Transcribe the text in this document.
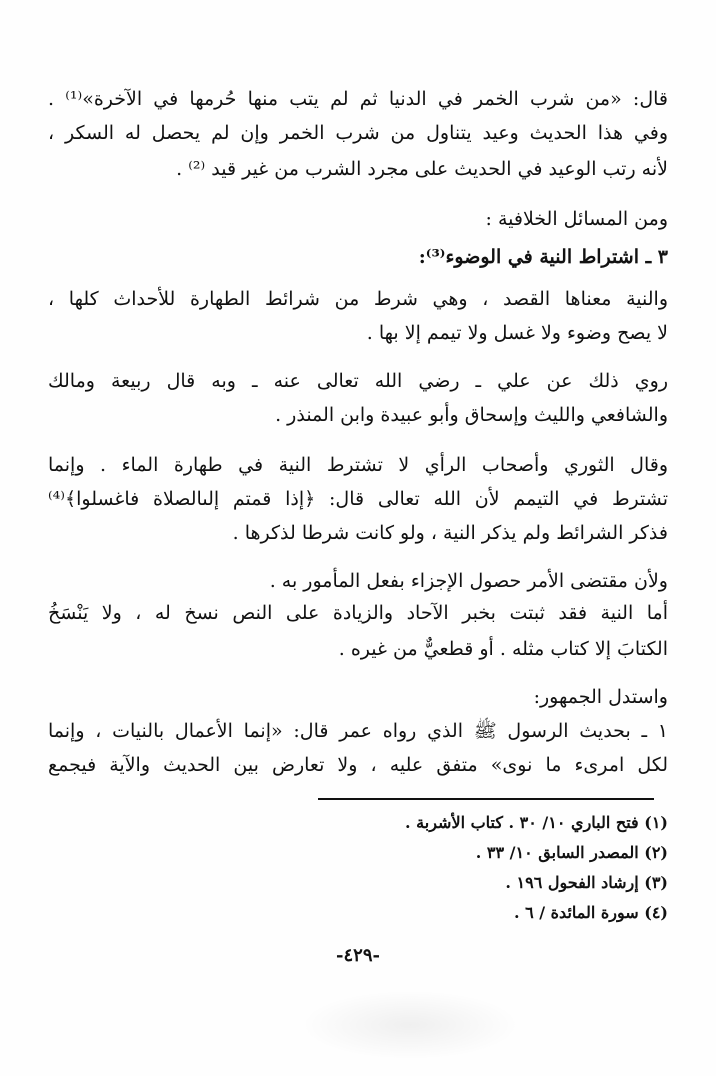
قال: «من شرب الخمر في الدنيا ثم لم يتب منها حُرمها في الآخرة»⁽¹⁾ .
وفي هذا الحديث وعيد يتناول من شرب الخمر وإن لم يحصل له السكر ،
لأنه رتب الوعيد في الحديث على مجرد الشرب من غير قيد ⁽²⁾ .
ومن المسائل الخلافية :
٣ ـ اشتراط النية في الوضوء⁽³⁾:
والنية معناها القصد ، وهي شرط من شرائط الطهارة للأحداث كلها ،
لا يصح وضوء ولا غسل ولا تيمم إلا بها .
روي ذلك عن علي ـ رضي الله تعالى عنه ـ وبه قال ربيعة ومالك
والشافعي والليث وإسحاق وأبو عبيدة وابن المنذر .
وقال الثوري وأصحاب الرأي لا تشترط النية في طهارة الماء . وإنما
تشترط في التيمم لأن الله تعالى قال: ﴿إذا قمتم إلىالصلاة فاغسلوا﴾⁽⁴⁾
فذكر الشرائط ولم يذكر النية ، ولو كانت شرطا لذكرها .
ولأن مقتضى الأمر حصول الإجزاء بفعل المأمور به .
أما النية فقد ثبتت بخبر الآحاد والزيادة على النص نسخ له ، ولا يَنْسَخُ
الكتابَ إلا كتاب مثله . أو قطعيٌّ من غيره .
واستدل الجمهور:
١ ـ بحديث الرسول ﷺ الذي رواه عمر قال: «إنما الأعمال بالنيات ، وإنما
لكل امرىء ما نوى» متفق عليه ، ولا تعارض بين الحديث والآية فيجمع
(١) فتح الباري ١٠/ ٣٠ . كتاب الأشربة .
(٢) المصدر السابق ١٠/ ٣٣ .
(٣) إرشاد الفحول ١٩٦ .
(٤) سورة المائدة / ٦ .
-٤٢٩-
